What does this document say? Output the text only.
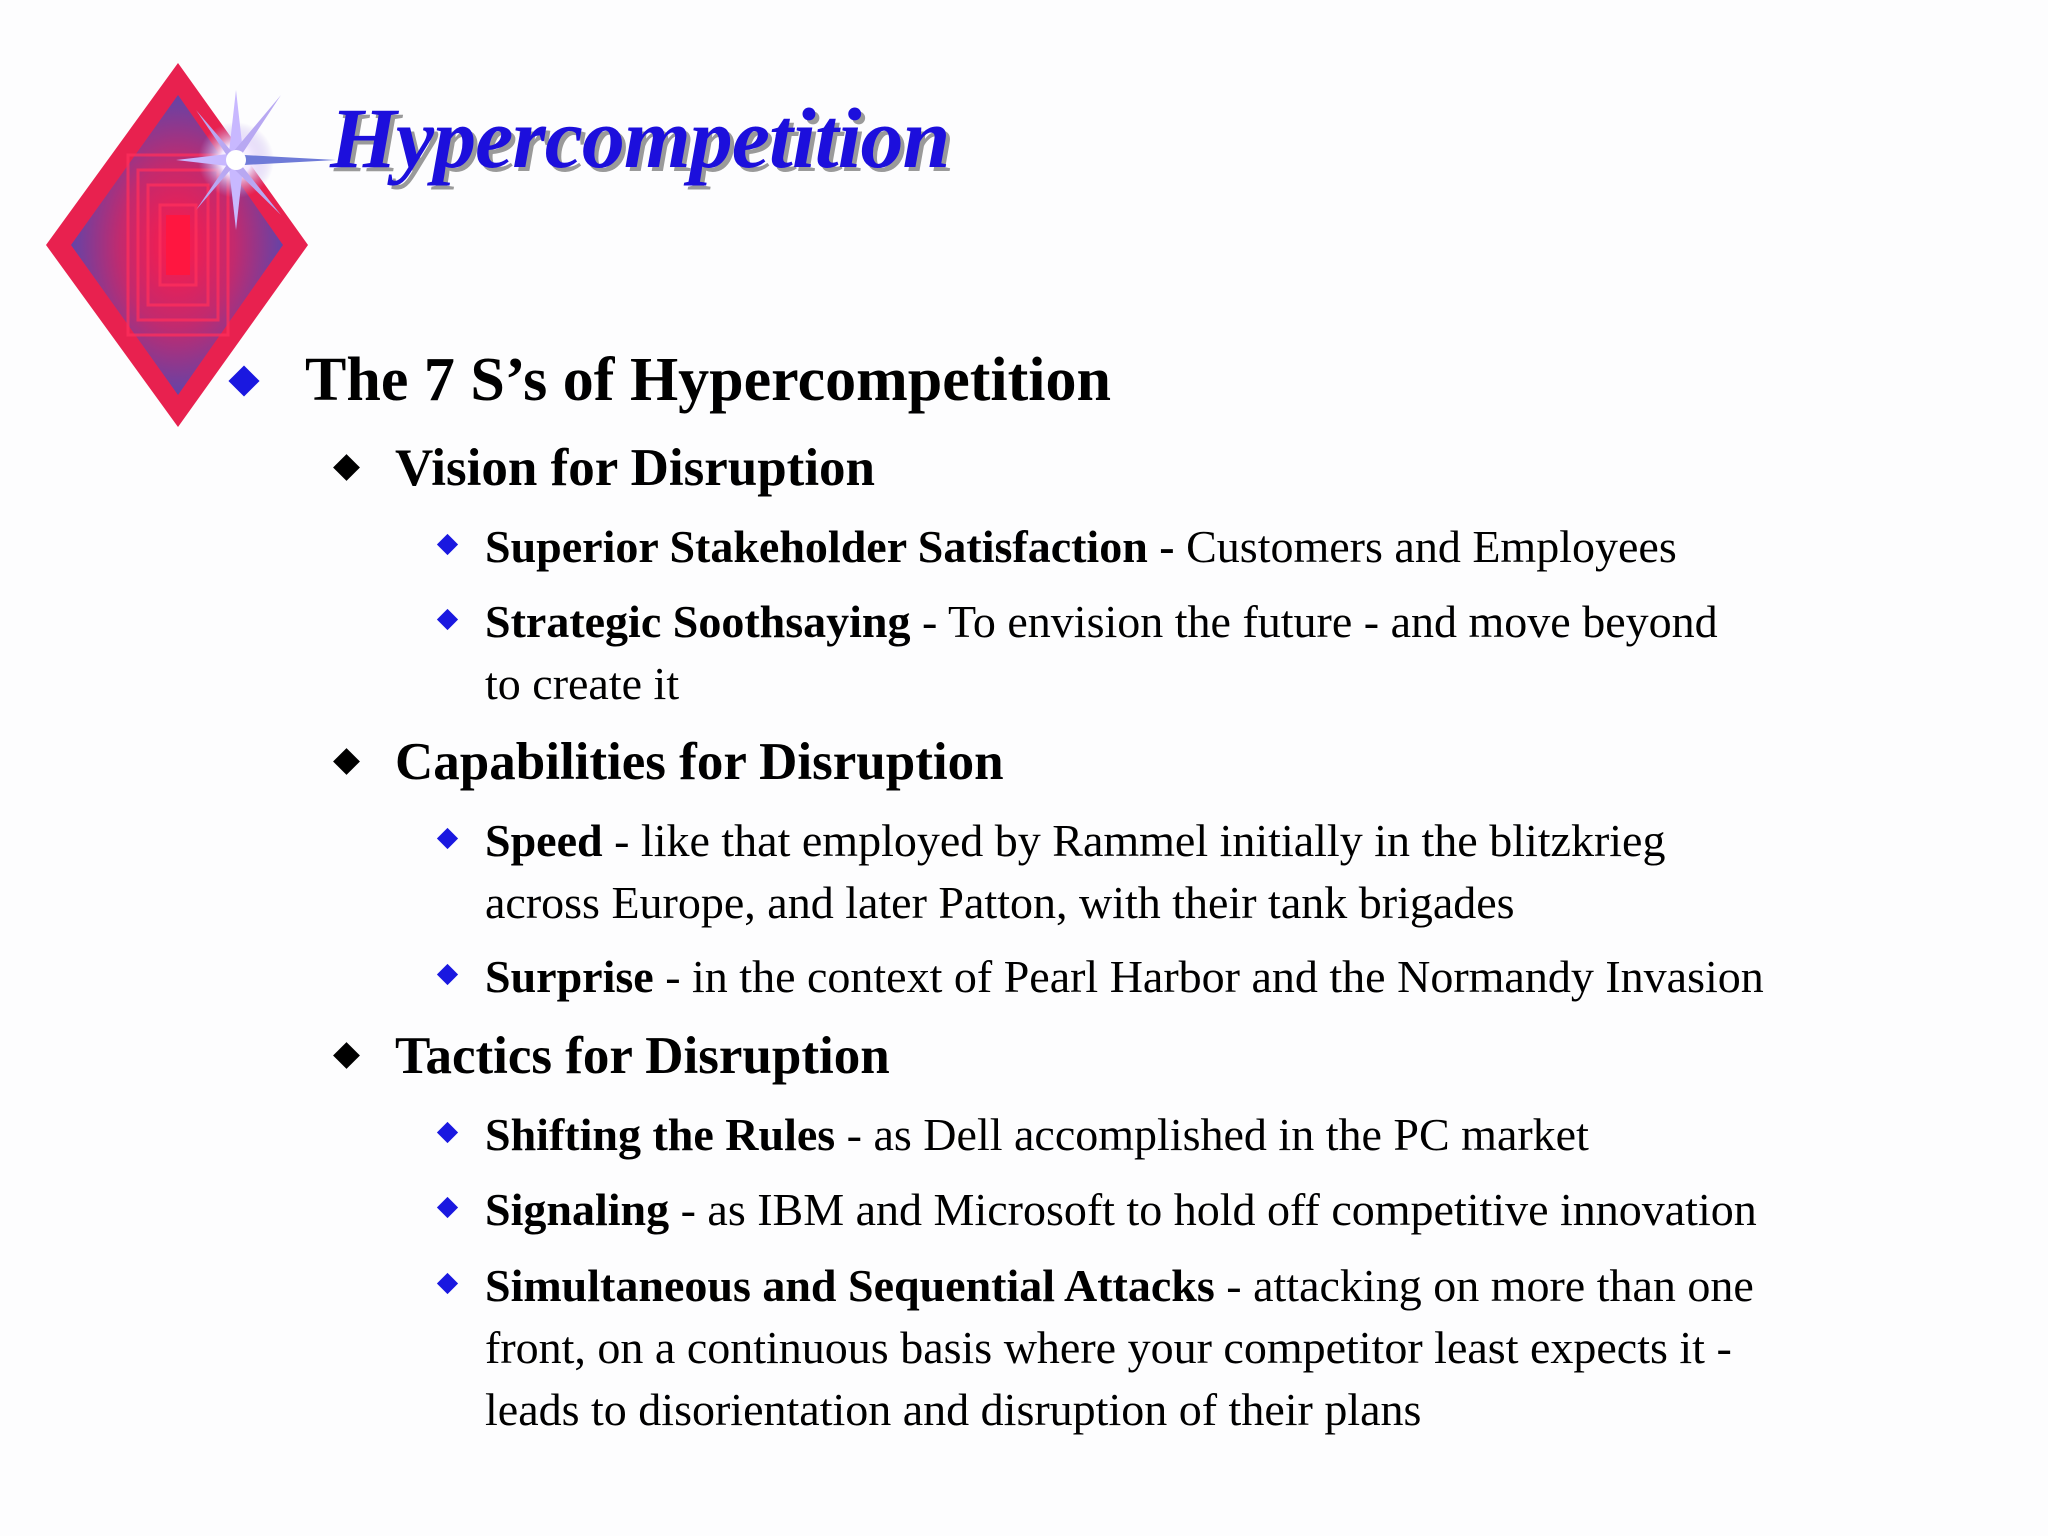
Hypercompetition
The 7 S’s of Hypercompetition
Vision for Disruption
Superior Stakeholder Satisfaction - Customers and Employees
Strategic Soothsaying - To envision the future - and move beyond
to create it
Capabilities for Disruption
Speed - like that employed by Rammel initially in the blitzkrieg
across Europe, and later Patton, with their tank brigades
Surprise - in the context of Pearl Harbor and the Normandy Invasion
Tactics for Disruption
Shifting the Rules - as Dell accomplished in the PC market
Signaling - as IBM and Microsoft to hold off competitive innovation
Simultaneous and Sequential Attacks - attacking on more than one
front, on a continuous basis where your competitor least expects it -
leads to disorientation and disruption of their plans
